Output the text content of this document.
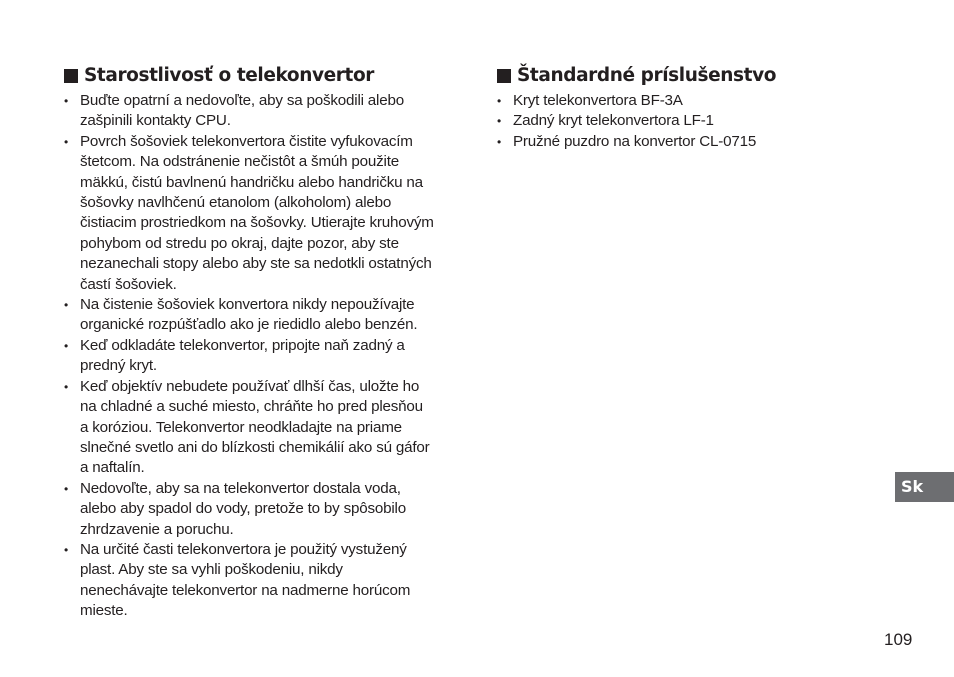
Starostlivosť o telekonvertor
• Buďte opatrní a nedovoľte, aby sa poškodili alebo
zašpinili kontakty CPU.
• Povrch šošoviek telekonvertora čistite vyfukovacím
štetcom. Na odstránenie nečistôt a šmúh použite
mäkkú, čistú bavlnenú handričku alebo handričku na
šošovky navlhčenú etanolom (alkoholom) alebo
čistiacim prostriedkom na šošovky. Utierajte kruhovým
pohybom od stredu po okraj, dajte pozor, aby ste
nezanechali stopy alebo aby ste sa nedotkli ostatných
častí šošoviek.
• Na čistenie šošoviek konvertora nikdy nepoužívajte
organické rozpúšťadlo ako je riedidlo alebo benzén.
• Keď odkladáte telekonvertor, pripojte naň zadný a
predný kryt.
• Keď objektív nebudete používať dlhší čas, uložte ho
na chladné a suché miesto, chráňte ho pred plesňou
a koróziou. Telekonvertor neodkladajte na priame
slnečné svetlo ani do blízkosti chemikálií ako sú gáfor
a naftalín.
• Nedovoľte, aby sa na telekonvertor dostala voda,
alebo aby spadol do vody, pretože to by spôsobilo
zhrdzavenie a poruchu.
• Na určité časti telekonvertora je použitý vystužený
plast. Aby ste sa vyhli poškodeniu, nikdy
nenechávajte telekonvertor na nadmerne horúcom
mieste.
Štandardné príslušenstvo
• Kryt telekonvertora BF-3A
• Zadný kryt telekonvertora LF-1
• Pružné puzdro na konvertor CL-0715
Sk
109
